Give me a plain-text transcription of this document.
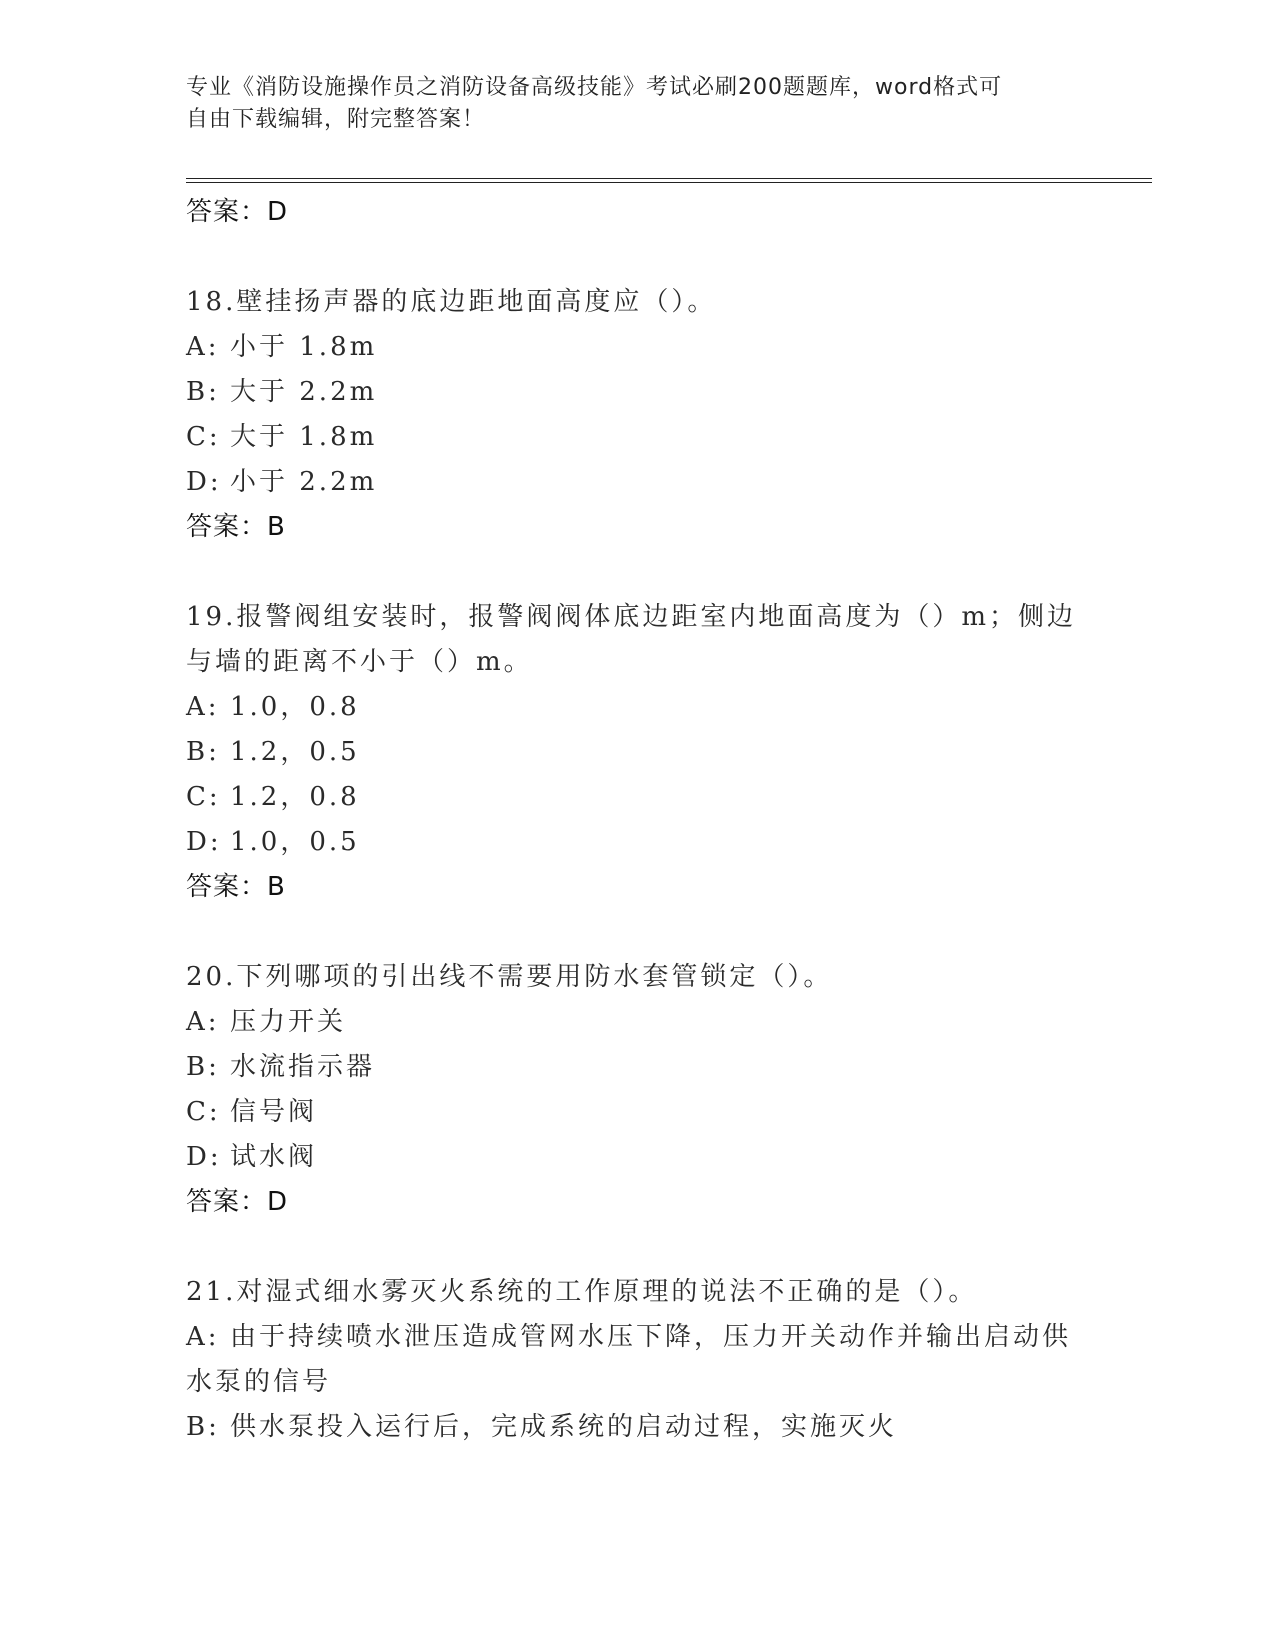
专业《消防设施操作员之消防设备高级技能》考试必刷200题题库，word格式可
自由下载编辑，附完整答案！
答案：D
18.壁挂扬声器的底边距地面高度应（）。
A: 小于 1.8m
B: 大于 2.2m
C: 大于 1.8m
D: 小于 2.2m
答案：B
19.报警阀组安装时，报警阀阀体底边距室内地面高度为（）m；侧边
与墙的距离不小于（）m。
A: 1.0，0.8
B: 1.2，0.5
C: 1.2，0.8
D: 1.0，0.5
答案：B
20.下列哪项的引出线不需要用防水套管锁定（）。
A: 压力开关
B: 水流指示器
C: 信号阀
D: 试水阀
答案：D
21.对湿式细水雾灭火系统的工作原理的说法不正确的是（）。
A: 由于持续喷水泄压造成管网水压下降，压力开关动作并输出启动供
水泵的信号
B: 供水泵投入运行后，完成系统的启动过程，实施灭火
